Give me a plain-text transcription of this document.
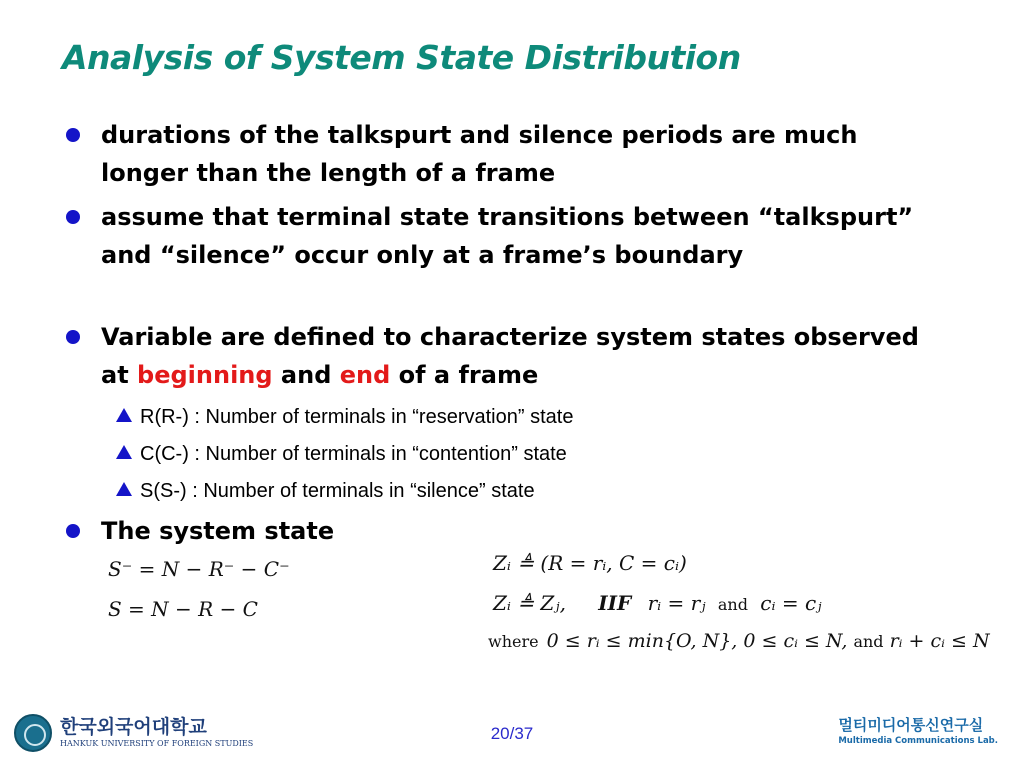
Analysis of System State Distribution
durations of the talkspurt and silence periods are much longer than the length of a frame
assume that terminal state transitions between “talkspurt” and “silence” occur only at a frame’s boundary
Variable are defined to characterize system states observed at beginning and end of a frame
R(R-) : Number of terminals in “reservation” state
C(C-) : Number of terminals in “contention” state
S(S-) : Number of terminals in “silence” state
The system state
S⁻ = N − R⁻ − C⁻
S = N − R − C
Zᵢ ≜ (R = rᵢ, C = cᵢ)
Zᵢ ≜ Zⱼ, IIF rᵢ = rⱼ and cᵢ = cⱼ
where 0 ≤ rᵢ ≤ min{O, N}, 0 ≤ cᵢ ≤ N, and rᵢ + cᵢ ≤ N
한국외국어대학교
HANKUK UNIVERSITY OF FOREIGN STUDIES
20/37	멀티미디어통신연구실
Multimedia Communications Lab.
